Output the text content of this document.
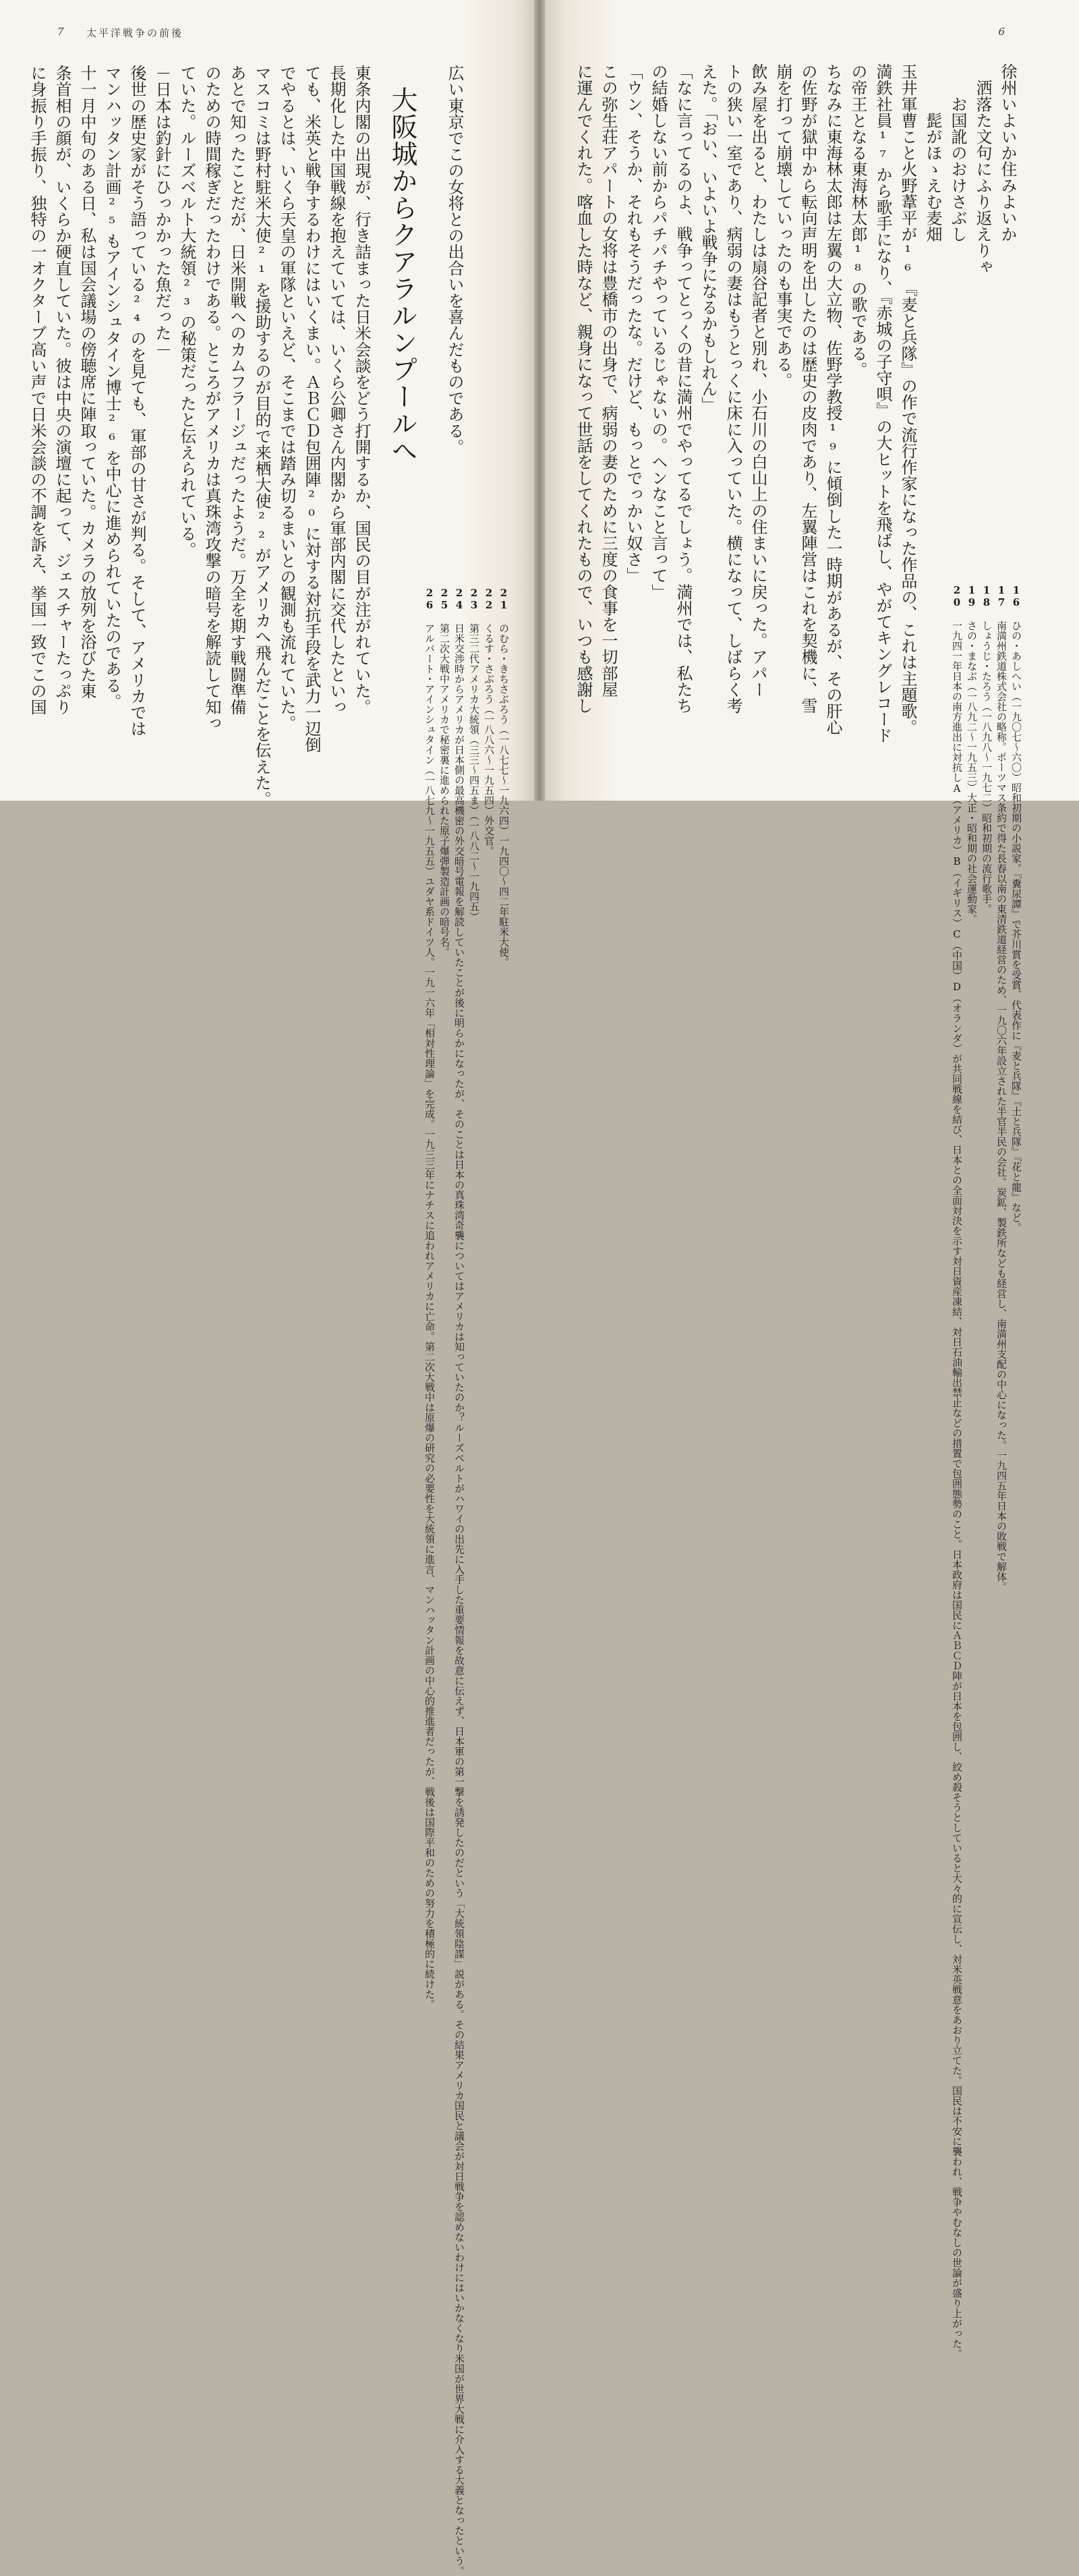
7 太平洋戦争の前後
広い東京でこの女将との出合いを喜んだものである。
大阪城からクアラルンプールへ
東条内閣の出現が、行き詰まった日米会談をどう打開するか、国民の目が注がれていた。
長期化した中国戦線を抱えていては、いくら公卿さん内閣から軍部内閣に交代したといっ
ても、米英と戦争するわけにはいくまい。ＡＢＣＤ包囲陣²⁰に対する対抗手段を武力一辺倒
でやるとは、いくら天皇の軍隊といえど、そこまでは踏み切るまいとの観測も流れていた。
マスコミは野村駐米大使²¹を援助するのが目的で来栖大使²²がアメリカへ飛んだことを伝えた。
あとで知ったことだが、日米開戦へのカムフラージュだったようだ。万全を期す戦闘準備
のための時間稼ぎだったわけである。ところがアメリカは真珠湾攻撃の暗号を解読して知っ
ていた。ルーズベルト大統領²³の秘策だったと伝えられている。
－日本は釣針にひっかかった魚だった－
後世の歴史家がそう語っている²⁴のを見ても、軍部の甘さが判る。そして、アメリカでは
マンハッタン計画²⁵もアインシュタイン博士²⁶を中心に進められていたのである。
十一月中旬のある日、私は国会議場の傍聴席に陣取っていた。カメラの放列を浴びた東
条首相の顔が、いくらか硬直していた。彼は中央の演壇に起って、ジェスチャーたっぷり
に身振り手振り、独特の一オクターブ高い声で日米会談の不調を訴え、挙国一致でこの国	21 のむら・きちさぶろう（一八七七〜一九六四）一九四〇〜四二年駐米大使。
22 くるす・さぶろう（一八八六〜一九五四）外交官。
23 第三二代アメリカ大統領（三三〜四五ま）（一八八二〜一九四五）
24 日米交渉時からアメリカが日本側の最高機密の外交暗号電報を解読していたことが後に明らかになったが、そのことは日本の真珠湾奇襲についてはアメリカは知っていたのか？ルーズベルトがハワイの出先に入手した重要情報を故意に伝えず、日本軍の第一撃を誘発したのだという「大統領陰謀」説がある。その結果アメリカ国民と議会が対日戦争を認めないわけにはいかなくなり米国が世界大戦に介入する大義となったという。
25 第二次大戦中アメリカで秘密裏に進められた原子爆弾製造計画の暗号名。
26 アルバート・アインシュタイン（一八七九〜一九五五）ユダヤ系ドイツ人。一九一六年「相対性理論」を完成。一九三三年にナチスに追われアメリカに亡命。第二次大戦中は原爆の研究の必要性を大統領に進言、マンハッタン計画の中心的推進者だったが、戦後は国際平和のための努力を積極的に続けた。
6
徐州いよいか住みよいか
　洒落た文句にふり返えりゃ
　　お国訛のおけさぶし
　　　髭がほゝえむ麦畑
玉井軍曹こと火野葦平が¹⁶『麦と兵隊』の作で流行作家になった作品の、これは主題歌。
満鉄社員¹⁷から歌手になり、『赤城の子守唄』の大ヒットを飛ばし、やがてキングレコード
の帝王となる東海林太郎¹⁸の歌である。
ちなみに東海林太郎は左翼の大立物、佐野学教授¹⁹に傾倒した一時期があるが、その肝心
の佐野が獄中から転向声明を出したのは歴史の皮肉であり、左翼陣営はこれを契機に、雪
崩を打って崩壊していったのも事実である。
飲み屋を出ると、わたしは扇谷記者と別れ、小石川の白山上の住まいに戻った。アパー
トの狭い一室であり、病弱の妻はもうとっくに床に入っていた。横になって、しばらく考
えた。「おい、いよいよ戦争になるかもしれん」
「なに言ってるのよ、戦争ってとっくの昔に満州でやってるでしょう。満州では、私たち
の結婚しない前からパチパチやっているじゃないの。ヘンなこと言って」
「ウン、そうか、それもそうだったな。だけど、もっとでっかい奴さ」
この弥生荘アパートの女将は豊橋市の出身で、病弱の妻のために三度の食事を一切部屋
に運んでくれた。喀血した時など、親身になって世話をしてくれたもので、いつも感謝し	16 ひの・あしへい（一九〇七〜六〇）昭和初期の小説家。『糞尿譚』で芥川賞を受賞、代表作に『麦と兵隊』『土と兵隊』『花と龍』など。
17 南満州鉄道株式会社の略称。ポーツマス条約で得た長春以南の東清鉄道経営のため、一九〇六年設立された半官半民の会社。炭鉱、製鉄所なども経営し、南満州支配の中心になった。一九四五年日本の敗戦で解体。
18 しょうじ・たろう（一八九八〜一九七二）昭和初期の流行歌手。
19 さの・まなぶ（一八九二〜一九五三）大正・昭和期の社会運動家。
20 一九四一年日本の南方進出に対抗しA（アメリカ）B（イギリス）C（中国）D（オランダ）が共同戦線を結び、日本との全面対決を示す対日資産凍結、対日石油輸出禁止などの措置で包囲態勢のこと。日本政府は国民にＡＢＣＤ陣が日本を包囲し、絞め殺そうとしていると大々的に宣伝し、対米英戦意をあおり立てた。国民は不安に襲われ、戦争やむなしの世論が盛り上がった。
